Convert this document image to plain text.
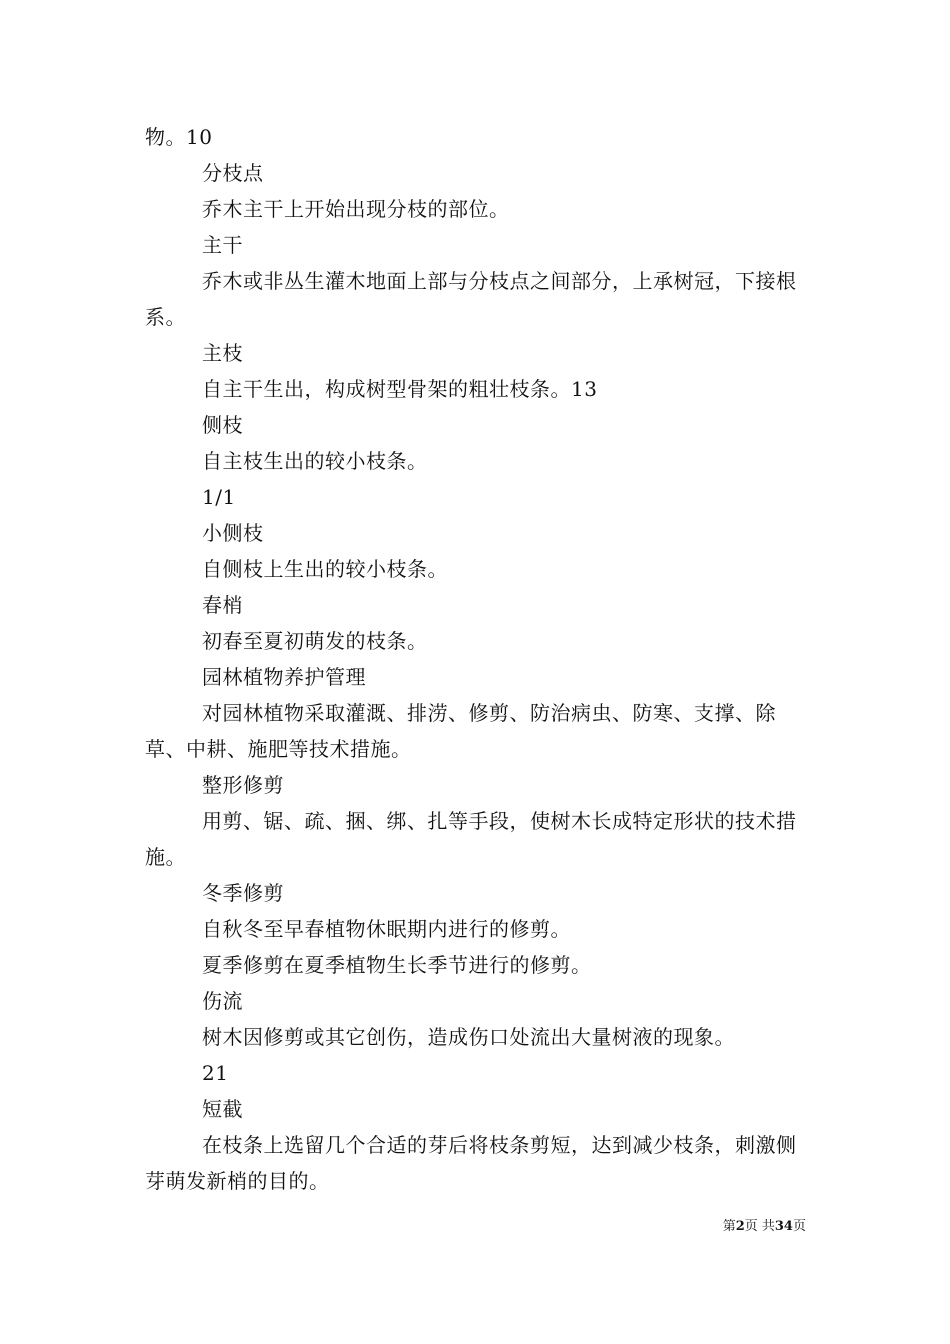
物。10

分枝点

乔木主干上开始出现分枝的部位。

主干

乔木或非丛生灌木地面上部与分枝点之间部分，上承树冠，下接根系。

主枝

自主干生出，构成树型骨架的粗壮枝条。13

侧枝

自主枝生出的较小枝条。

1/1

小侧枝

自侧枝上生出的较小枝条。

春梢

初春至夏初萌发的枝条。

园林植物养护管理

对园林植物采取灌溉、排涝、修剪、防治病虫、防寒、支撑、除草、中耕、施肥等技术措施。

整形修剪

用剪、锯、疏、捆、绑、扎等手段，使树木长成特定形状的技术措施。

冬季修剪

自秋冬至早春植物休眠期内进行的修剪。

夏季修剪在夏季植物生长季节进行的修剪。

伤流

树木因修剪或其它创伤，造成伤口处流出大量树液的现象。

21

短截

在枝条上选留几个合适的芽后将枝条剪短，达到减少枝条，刺激侧芽萌发新梢的目的。

第2页 共34页
